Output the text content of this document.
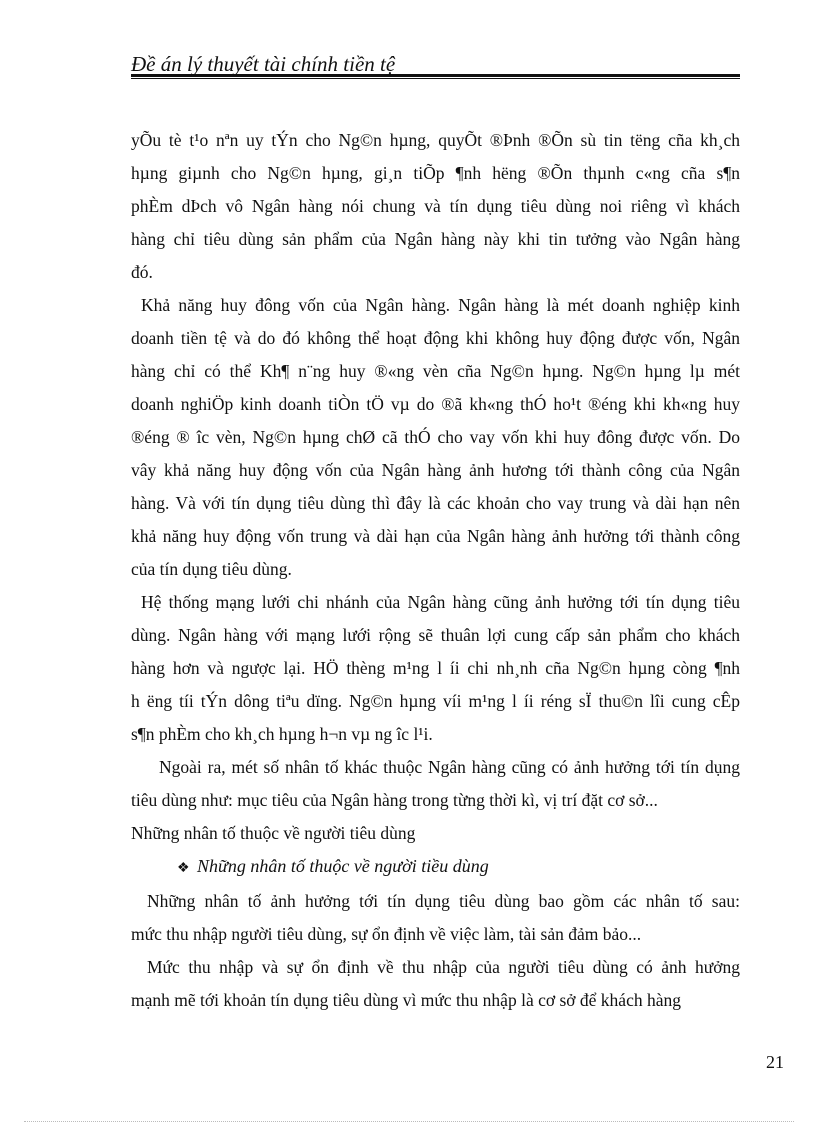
Đề án lý thuyết tài chính tiền tệ
yÕu tè t¹o nªn uy tÝn cho Ng©n hµng, quyÕt ®Þnh ®Õn sù tin tëng cña kh¸ch
hµng giµnh cho Ng©n hµng, gi¸n tiÕp ¶nh hëng ®Õn thµnh c«ng cña s¶n
phÈm dÞch vô Ngân hàng nói chung và tín dụng tiêu dùng noi riêng vì khách
hàng chỉ tiêu dùng sản phẩm của Ngân hàng này khi tin tưởng vào Ngân hàng
đó.
Khả năng huy đông vốn của Ngân hàng. Ngân hàng là mét doanh nghiệp kinh
doanh tiền tệ và do đó không thể hoạt động khi không huy động được vốn, Ngân
hàng chỉ có thể Kh¶ n¨ng huy ®«ng vèn cña Ng©n hµng. Ng©n hµng lµ mét
doanh nghiÖp kinh doanh tiÒn tÖ vµ do ®ã kh«ng thÓ ho¹t ®éng khi kh«ng huy
®éng ® îc vèn, Ng©n hµng chØ cã thÓ cho vay vốn khi huy đông được vốn. Do
vây khả năng huy động vốn của Ngân hàng ảnh hương tới thành công của Ngân
hàng. Và với tín dụng tiêu dùng thì đây là các khoản cho vay trung và dài hạn nên
khả năng huy động vốn trung và dài hạn của Ngân hàng ảnh hưởng tới thành công
của tín dụng tiêu dùng.
Hệ thống mạng lưới chi nhánh của Ngân hàng cũng ảnh hưởng tới tín dụng tiêu
dùng. Ngân hàng với mạng lưới rộng sẽ thuân lợi cung cấp sản phẩm cho khách
hàng hơn và ngược lại. HÖ thèng m¹ng l íi chi nh¸nh cña Ng©n hµng còng ¶nh
h ëng tíi tÝn dông tiªu dïng. Ng©n hµng víi m¹ng l íi réng sÏ thu©n lîi cung cÊp
s¶n phÈm cho kh¸ch hµng h¬n vµ ng îc l¹i.
Ngoài ra, mét số nhân tố khác thuộc Ngân hàng cũng có ảnh hưởng tới tín dụng
tiêu dùng như: mục tiêu của Ngân hàng trong từng thời kì, vị trí đặt cơ sở...
Những nhân tố thuộc về người tiêu dùng
❖ Những nhân tố thuộc về người tiều dùng
Những nhân tố ảnh hưởng tới tín dụng tiêu dùng bao gồm các nhân tố sau:
mức thu nhập người tiêu dùng, sự ổn định về việc làm, tài sản đảm bảo...
Mức thu nhập và sự ổn định về thu nhập của người tiêu dùng có ảnh hưởng
mạnh mẽ tới khoản tín dụng tiêu dùng vì mức thu nhập là cơ sở để khách hàng
21
